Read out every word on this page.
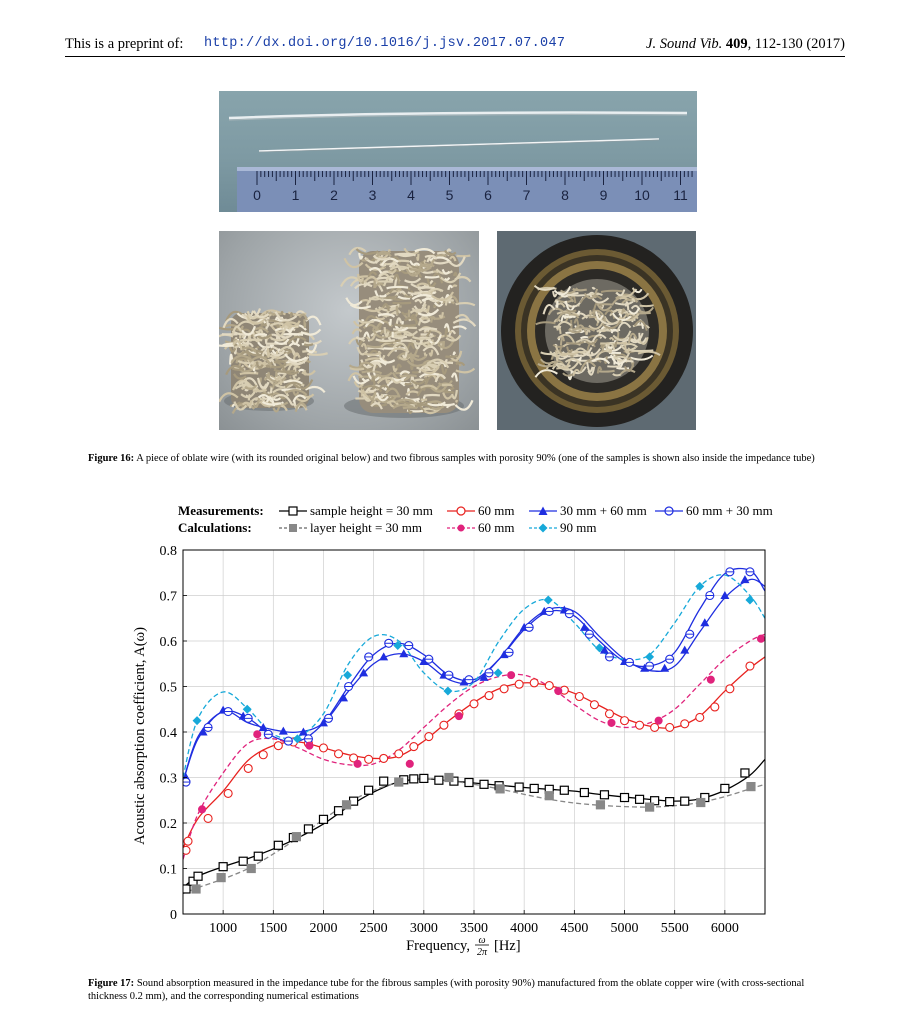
This is a preprint of: http://dx.doi.org/10.1016/j.jsv.2017.07.047	J. Sound Vib. 409, 112-130 (2017)
0 1 2 3 4 5 6 7 8 9 10 11
Figure 16: A piece of oblate wire (with its rounded original below) and two fibrous samples with porosity 90% (one of the samples is shown also inside the impedance tube)
Measurements:	sample height = 30 mm	60 mm	30 mm + 60 mm	60 mm + 30 mm
Calculations:	layer height = 30 mm	60 mm	90 mm
1000 1500 2000 2500 3000 3500 4000 4500 5000 5500 6000
0
0.1
0.2
0.3
0.4
0.5
0.6
0.7
0.8
Acoustic absorption coefficient, A(ω)
Frequency, ω
2π [Hz]
Figure 17: Sound absorption measured in the impedance tube for the fibrous samples (with porosity 90%) manufactured from the oblate copper wire (with cross-sectional thickness 0.2 mm), and the corresponding numerical estimations
